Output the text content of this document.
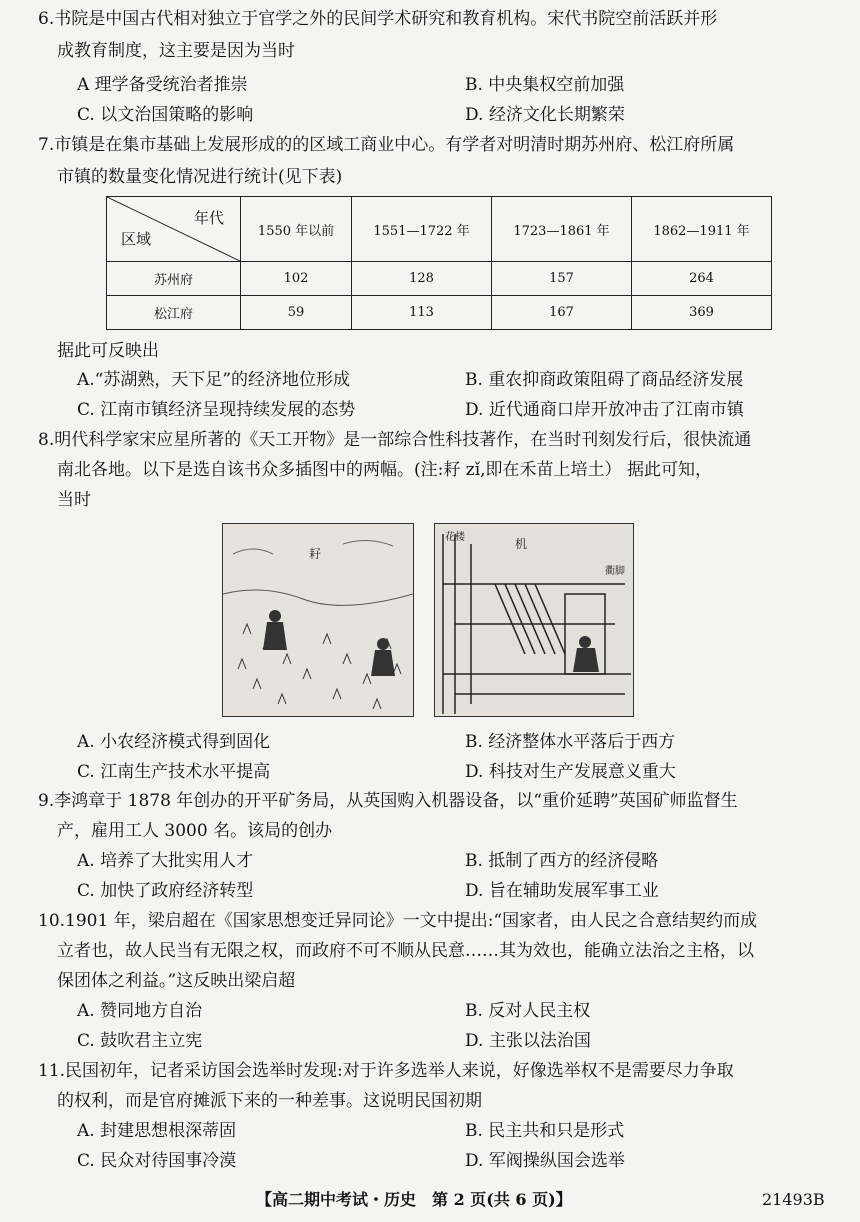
6.书院是中国古代相对独立于官学之外的民间学术研究和教育机构。宋代书院空前活跃并形
成教育制度，这主要是因为当时
A 理学备受统治者推崇	B. 中央集权空前加强
C. 以文治国策略的影响	D. 经济文化长期繁荣
7.市镇是在集市基础上发展形成的的区域工商业中心。有学者对明清时期苏州府、松江府所属
市镇的数量变化情况进行统计(见下表)
年代
区域	1550 年以前	1551—1722 年	1723—1861 年	1862—1911 年
苏州府	102	128	157	264
松江府	59	113	167	369
据此可反映出
A.“苏湖熟，天下足”的经济地位形成	B. 重农抑商政策阻碍了商品经济发展
C. 江南市镇经济呈现持续发展的态势	D. 近代通商口岸开放冲击了江南市镇
8.明代科学家宋应星所著的《天工开物》是一部综合性科技著作，在当时刊刻发行后，很快流通
南北各地。以下是选自该书众多插图中的两幅。(注:耔 zǐ,即在禾苗上培土） 据此可知，
当时
耔
花楼	机
衢脚
A. 小农经济模式得到固化	B. 经济整体水平落后于西方
C. 江南生产技术水平提高	D. 科技对生产发展意义重大
9.李鸿章于 1878 年创办的开平矿务局，从英国购入机器设备，以“重价延聘”英国矿师监督生
产，雇用工人 3000 名。该局的创办
A. 培养了大批实用人才	B. 抵制了西方的经济侵略
C. 加快了政府经济转型	D. 旨在辅助发展军事工业
10.1901 年，梁启超在《国家思想变迁异同论》一文中提出:“国家者，由人民之合意结契约而成
立者也，故人民当有无限之权，而政府不可不顺从民意……其为效也，能确立法治之主格，以
保团体之利益。”这反映出梁启超
A. 赞同地方自治	B. 反对人民主权
C. 鼓吹君主立宪	D. 主张以法治国
11.民国初年，记者采访国会选举时发现:对于许多选举人来说，好像选举权不是需要尽力争取
的权利，而是官府摊派下来的一种差事。这说明民国初期
A. 封建思想根深蒂固	B. 民主共和只是形式
C. 民众对待国事冷漠	D. 军阀操纵国会选举
【高二期中考试・历史　第 2 页(共 6 页)】	21493B
